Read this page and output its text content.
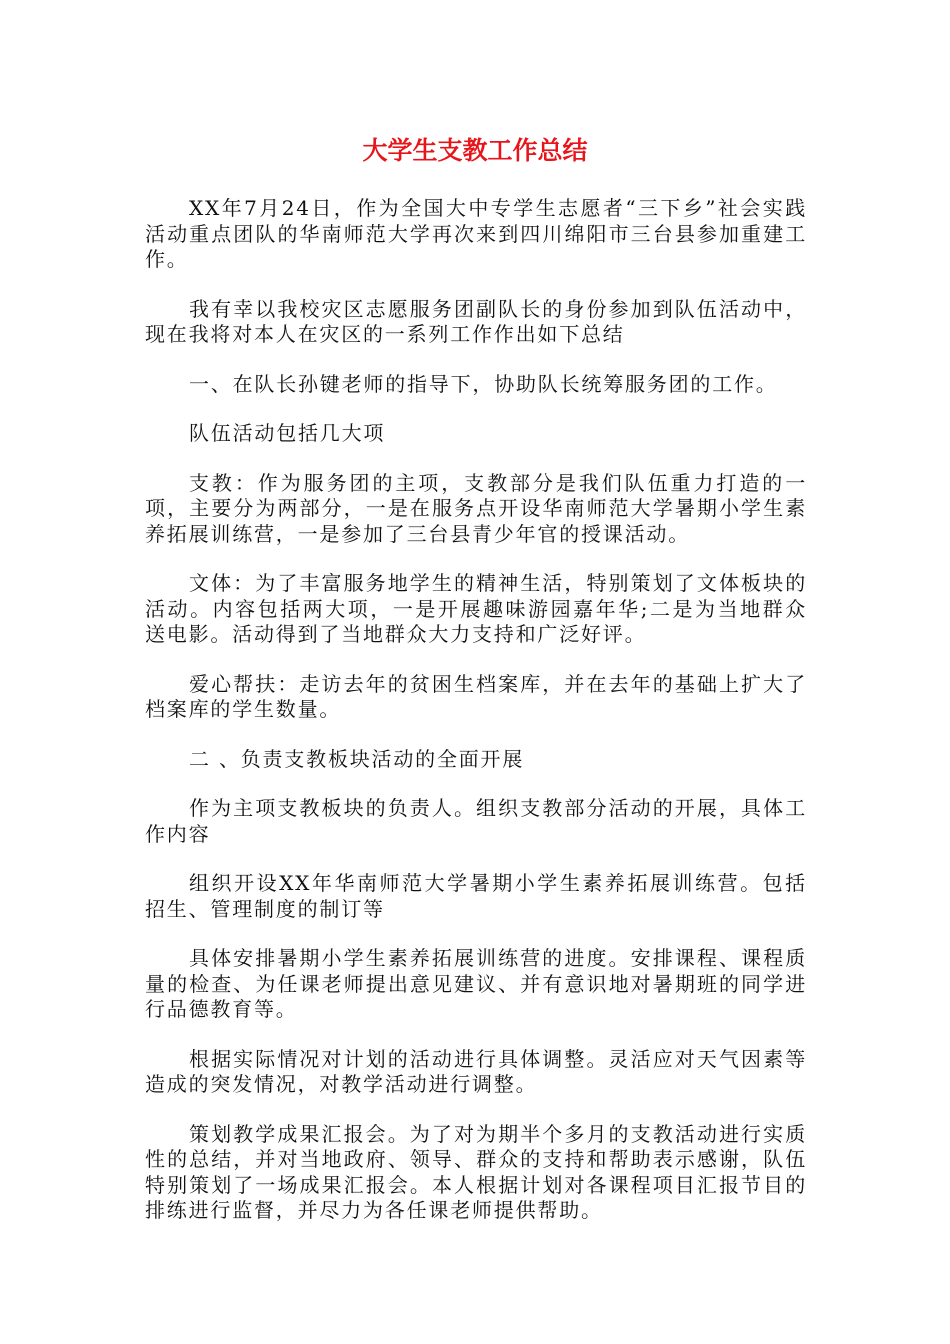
大学生支教工作总结

XX年7月24日，作为全国大中专学生志愿者“三下乡”社会实践活动重点团队的华南师范大学再次来到四川绵阳市三台县参加重建工作。

我有幸以我校灾区志愿服务团副队长的身份参加到队伍活动中，现在我将对本人在灾区的一系列工作作出如下总结

一、在队长孙键老师的指导下，协助队长统筹服务团的工作。

队伍活动包括几大项

支教：作为服务团的主项，支教部分是我们队伍重力打造的一项，主要分为两部分，一是在服务点开设华南师范大学暑期小学生素养拓展训练营，一是参加了三台县青少年官的授课活动。

文体：为了丰富服务地学生的精神生活，特别策划了文体板块的活动。内容包括两大项，一是开展趣味游园嘉年华;二是为当地群众送电影。活动得到了当地群众大力支持和广泛好评。

爱心帮扶：走访去年的贫困生档案库，并在去年的基础上扩大了档案库的学生数量。

二 、负责支教板块活动的全面开展

作为主项支教板块的负责人。组织支教部分活动的开展，具体工作内容

组织开设XX年华南师范大学暑期小学生素养拓展训练营。包括招生、管理制度的制订等

具体安排暑期小学生素养拓展训练营的进度。安排课程、课程质量的检查、为任课老师提出意见建议、并有意识地对暑期班的同学进行品德教育等。

根据实际情况对计划的活动进行具体调整。灵活应对天气因素等造成的突发情况，对教学活动进行调整。

策划教学成果汇报会。为了对为期半个多月的支教活动进行实质性的总结，并对当地政府、领导、群众的支持和帮助表示感谢，队伍特别策划了一场成果汇报会。本人根据计划对各课程项目汇报节目的排练进行监督，并尽力为各任课老师提供帮助。
